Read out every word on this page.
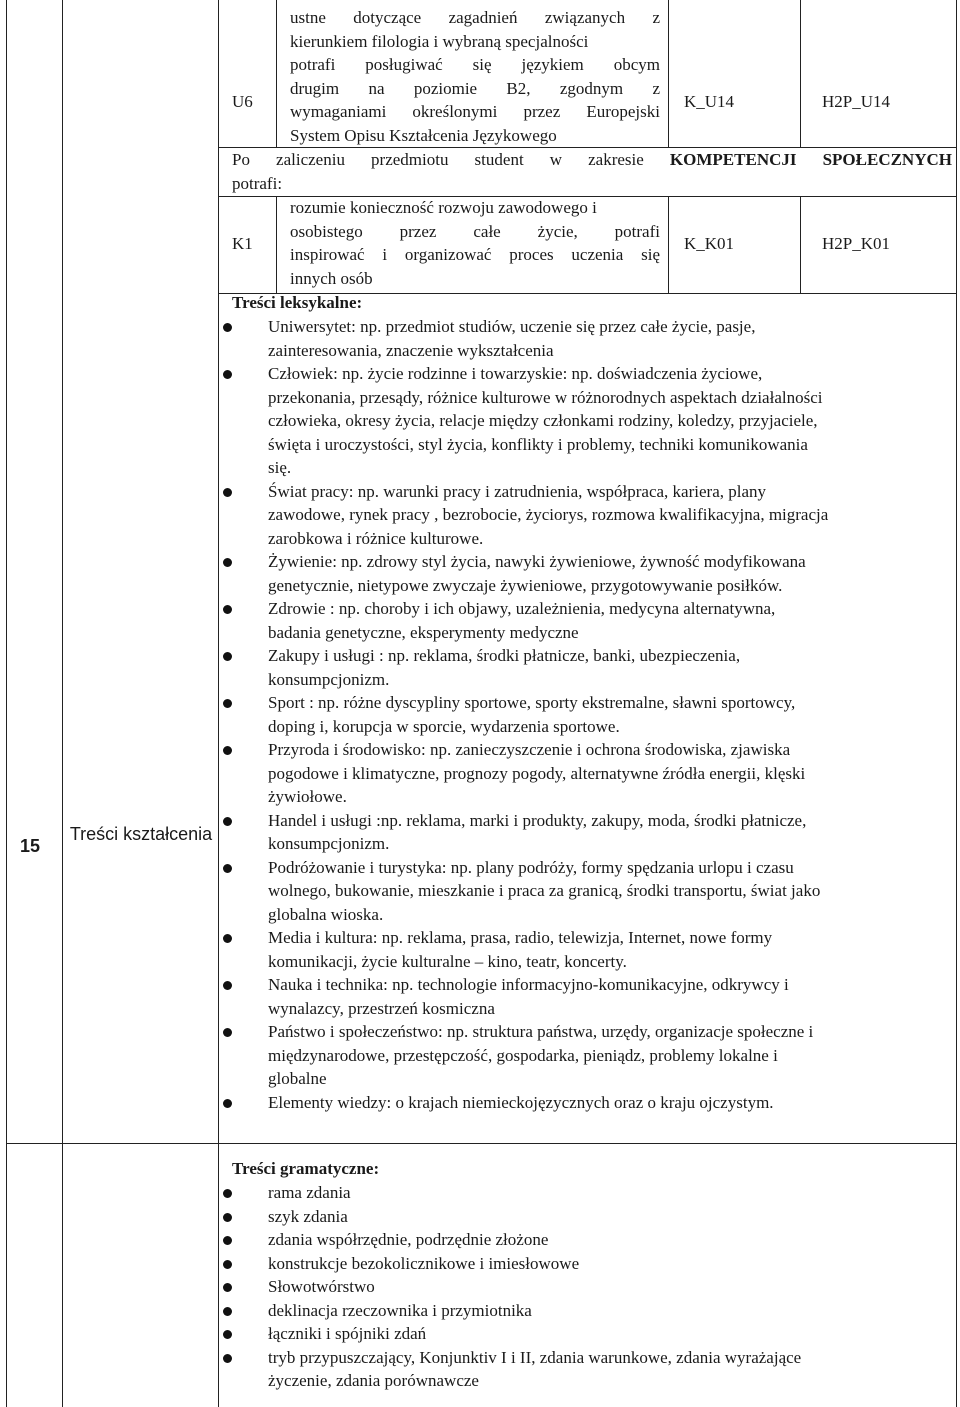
15
Treści kształcenia
U6
ustne dotyczące zagadnień związanych z
kierunkiem filologia i wybraną specjalności
potrafi posługiwać się językiem obcym
drugim na poziomie B2, zgodnym z
wymaganiami określonymi przez Europejski
System Opisu Kształcenia Językowego
K_U14	H2P_U14
Po zaliczeniu przedmiotu student w zakresie KOMPETENCJI SPOŁECZNYCH
potrafi:
K1
rozumie konieczność rozwoju zawodowego i
osobistego przez całe życie, potrafi
inspirować i organizować proces uczenia się
innych osób
K_K01	H2P_K01
Treści leksykalne:
Uniwersytet: np. przedmiot studiów, uczenie się przez całe życie, pasje,
zainteresowania, znaczenie wykształcenia
Człowiek: np. życie rodzinne i towarzyskie: np. doświadczenia życiowe,
przekonania, przesądy, różnice kulturowe w różnorodnych aspektach działalności
człowieka, okresy życia, relacje między członkami rodziny, koledzy, przyjaciele,
święta i uroczystości, styl życia, konflikty i problemy, techniki komunikowania
się.
Świat pracy: np. warunki pracy i zatrudnienia, współpraca, kariera, plany
zawodowe, rynek pracy , bezrobocie, życiorys, rozmowa kwalifikacyjna, migracja
zarobkowa i różnice kulturowe.
Żywienie: np. zdrowy styl życia, nawyki żywieniowe, żywność modyfikowana
genetycznie, nietypowe zwyczaje żywieniowe, przygotowywanie posiłków.
Zdrowie : np. choroby i ich objawy, uzależnienia, medycyna alternatywna,
badania genetyczne, eksperymenty medyczne
Zakupy i usługi : np. reklama, środki płatnicze, banki, ubezpieczenia,
konsumpcjonizm.
Sport : np. różne dyscypliny sportowe, sporty ekstremalne, sławni sportowcy,
doping i, korupcja w sporcie, wydarzenia sportowe.
Przyroda i środowisko: np. zanieczyszczenie i ochrona środowiska, zjawiska
pogodowe i klimatyczne, prognozy pogody, alternatywne źródła energii, klęski
żywiołowe.
Handel i usługi :np. reklama, marki i produkty, zakupy, moda, środki płatnicze,
konsumpcjonizm.
Podróżowanie i turystyka: np. plany podróży, formy spędzania urlopu i czasu
wolnego, bukowanie, mieszkanie i praca za granicą, środki transportu, świat jako
globalna wioska.
Media i kultura: np. reklama, prasa, radio, telewizja, Internet, nowe formy
komunikacji, życie kulturalne – kino, teatr, koncerty.
Nauka i technika: np. technologie informacyjno-komunikacyjne, odkrywcy i
wynalazcy, przestrzeń kosmiczna
Państwo i społeczeństwo: np. struktura państwa, urzędy, organizacje społeczne i
międzynarodowe, przestępczość, gospodarka, pieniądz, problemy lokalne i
globalne
Elementy wiedzy: o krajach niemieckojęzycznych oraz o kraju ojczystym.
Treści gramatyczne:
rama zdania
szyk zdania
zdania współrzędnie, podrzędnie złożone
konstrukcje bezokolicznikowe i imiesłowowe
Słowotwórstwo
deklinacja rzeczownika i przymiotnika
łączniki i spójniki zdań
tryb przypuszczający, Konjunktiv I i II, zdania warunkowe, zdania wyrażające
życzenie, zdania porównawcze
